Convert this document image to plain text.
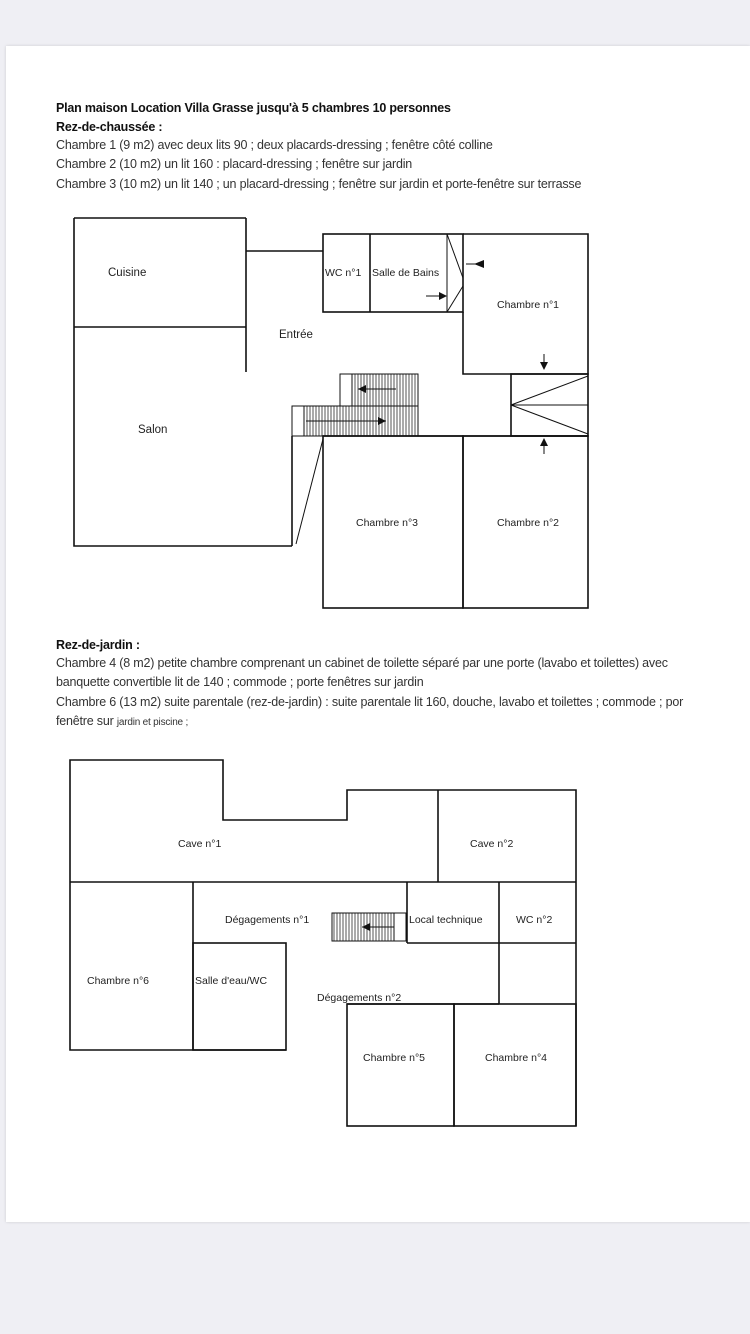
Plan maison Location Villa Grasse jusqu'à 5 chambres 10 personnes
Rez-de-chaussée :
Chambre 1 (9 m2) avec deux lits 90 ; deux placards-dressing ; fenêtre côté colline
Chambre 2 (10 m2) un lit 160 : placard-dressing ; fenêtre sur jardin
Chambre 3 (10 m2) un lit 140 ; un placard-dressing ; fenêtre sur jardin et porte-fenêtre sur terrasse
Cuisine
Entrée
WC n°1 Salle de Bains
Chambre n°1
Salon
Chambre n°3	Chambre n°2
Rez-de-jardin :
Chambre 4 (8 m2) petite chambre comprenant un cabinet de toilette séparé par une porte (lavabo et toilettes) avec
banquette convertible lit de 140 ; commode ; porte fenêtres sur jardin
Chambre 6 (13 m2) suite parentale (rez-de-jardin) : suite parentale lit 160, douche, lavabo et toilettes ; commode ; por
fenêtre sur jardin et piscine ;
Cave n°1	Cave n°2
Dégagements n°1	Local technique	WC n°2
Chambre n°6	Salle d'eau/WC
Dégagements n°2
Chambre n°5	Chambre n°4
